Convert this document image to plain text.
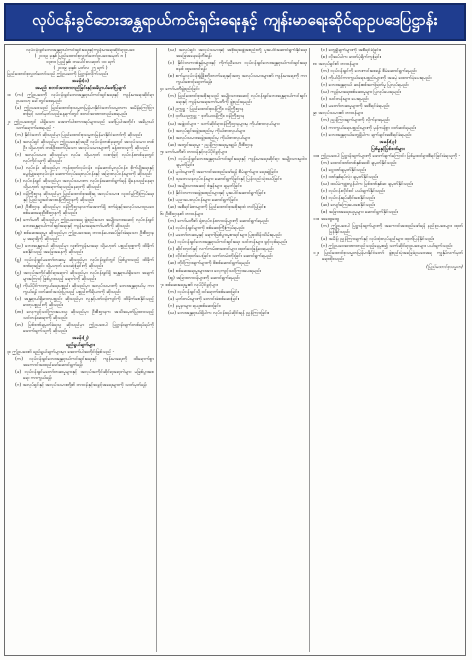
လုပ်ငန်းခွင်ဘေးအန္တရာယ်ကင်းရှင်းရေးနှင့် ကျန်းမာရေးဆိုင်ရာဥပဒေပြဋ္ဌာန်း
လုပ်ငန်းခွင်ဘေးအန္တရာယ်ကင်းရှင်းရေးနှင့်ကျန်းမာရေးဆိုင်ရာဥပဒေ
( ၂၀၁၉ ခုနှစ် ပြည်ထောင်စုလွှတ်တော်ဥပဒေအမှတ် ၈ )
၁၃၈၀ ပြည့်နှစ်၊ တပေါင်းလဆုတ် ၁၀ ရက်
( ၂၀၁၉ ခုနှစ်၊ မတ်လ ၂၅ ရက် )
ပြည်ထောင်စုလွှတ်တော်သည် ဤဥပဒေကို ပြဋ္ဌာန်းလိုက်သည်။
အခန်း(၁)
အမည်၊ စတင်အာဏာတည်ခြင်းနှင့်အဓိပ္ပာယ်ဖော်ပြချက်
၁။ (က) ဤဥပဒေကို လုပ်ငန်းခွင်ဘေးအန္တရာယ်ကင်းရှင်းရေးနှင့် ကျန်းမာရေးဆိုင်ရာ ဥပဒေဟု ခေါ်တွင်စေရမည်။
(ခ) ဤဥပဒေသည် ပြည်ထောင်စုသမ္မတမြန်မာနိုင်ငံတော်သမ္မတက အမိန့်ကြော်ငြာစာဖြင့် သတ်မှတ်သည့်နေ့ရက်တွင် စတင်အာဏာတည်စေရမည်။
၂။ ဤဥပဒေတွင် ပါရှိသော အောက်ပါစကားရပ်များသည် ဖော်ပြပါအတိုင်း အဓိပ္ပာယ်သက်ရောက်စေရမည် -
(က) နိုင်ငံတော် ဆိုသည်မှာ ပြည်ထောင်စုသမ္မတမြန်မာနိုင်ငံတော်ကို ဆိုသည်။
(ခ) အလုပ်ရှင် ဆိုသည်မှာ ဤဥပဒေနှင့်အညီ လုပ်ငန်းတစ်ခုခုတွင် အလုပ်သမား တစ်ဦး သို့မဟုတ် တစ်ဦးထက်ပိုသော အလုပ်သမားများကို ခန့်ထားသူကို ဆိုသည်။
(ဂ) အလုပ်သမား ဆိုသည်မှာ လုပ်ခ သို့မဟုတ် လစာဖြင့် လုပ်ငန်းတစ်ခုခုတွင် လုပ်ကိုင်သူကို ဆိုသည်။
(ဃ) လုပ်ငန်း ဆိုသည်မှာ ကုန်ထုတ်လုပ်ငန်း၊ ဝန်ဆောင်မှုလုပ်ငန်း၊ စိုက်ပျိုးရေးနှင့် မွေးမြူရေးလုပ်ငန်း၊ ဆောက်လုပ်ရေးလုပ်ငန်းနှင့် အခြားလုပ်ငန်းများကို ဆိုသည်။
(င) လုပ်ငန်းခွင် ဆိုသည်မှာ အလုပ်သမားက လုပ်ငန်းဆောင်ရွက်ရန် ရှိနေသည့်နေရာ သို့မဟုတ် သွားရောက်ရသည့်နေရာကို ဆိုသည်။
(စ) ဝန်ကြီးဌာန ဆိုသည်မှာ ပြည်ထောင်စုအစိုးရ အလုပ်သမား၊ လူဝင်မှုကြီးကြပ်ရေးနှင့် ပြည်သူ့အင်အားဝန်ကြီးဌာနကို ဆိုသည်။
(ဆ) ဦးစီးဌာန ဆိုသည်မှာ ဝန်ကြီးဌာနလက်အောက်ရှိ စက်ရုံနှင့်အလုပ်သမားဥပဒေစစ်ဆေးရေးဦးစီးဌာနကို ဆိုသည်။
(ဇ) ကော်မတီ ဆိုသည်မှာ ဤဥပဒေအရ ဖွဲ့စည်းသော အမျိုးသားအဆင့် လုပ်ငန်းခွင်ဘေးအန္တရာယ်ကင်းရှင်းရေးနှင့် ကျန်းမာရေးကော်မတီကို ဆိုသည်။
(ဈ) စစ်ဆေးရေးမှူး ဆိုသည်မှာ ဤဥပဒေအရ တာဝန်ပေးအပ်ခြင်းခံရသော ဦးစီးဌာနမှ အရာရှိကို ဆိုသည်။
(ည) ဘေးအန္တရာယ် ဆိုသည်မှာ လူ၏ကျန်းမာရေး သို့မဟုတ် ပစ္စည်းဥစ္စာကို ထိခိုက်စေနိုင်သည့် အခြေအနေကို ဆိုသည်။
(ဋ) လုပ်ငန်းခွင်မတော်တဆမှု ဆိုသည်မှာ လုပ်ငန်းခွင်တွင် ဖြစ်ပွားသည့် ထိခိုက်ဒဏ်ရာရခြင်း သို့မဟုတ် သေဆုံးခြင်းကို ဆိုသည်။
(ဌ) အလုပ်အကိုင်ဆိုင်ရာရောဂါ ဆိုသည်မှာ လုပ်ငန်းခွင်ရှိ အန္တရာယ်ရှိသော အချက်များကြောင့် ဖြစ်ပွားသည့် ရောဂါကို ဆိုသည်။
(ဍ) ကိုယ်ပိုင်ကာကွယ်ရေးပစ္စည်း ဆိုသည်မှာ အလုပ်သမားကို ဘေးအန္တရာယ်မှ ကာကွယ်ရန် ဝတ်ဆင်အသုံးပြုသည့် ပစ္စည်းကိရိယာကို ဆိုသည်။
(ဎ) အန္တရာယ်ရှိဓာတုပစ္စည်း ဆိုသည်မှာ လူနှင့်ပတ်ဝန်းကျင်ကို ထိခိုက်စေနိုင်သည့် ဓာတုပစ္စည်းကို ဆိုသည်။
(ဏ) လေ့ကျင့်သင်ကြားပေးသူ ဆိုသည်မှာ ဦးစီးဌာနက အသိအမှတ်ပြုထားသည့် သင်တန်းဆရာကို ဆိုသည်။
(တ) ပြစ်ဒဏ်ချမှတ်ခံရသူ ဆိုသည်မှာ ဤဥပဒေပါ ပြဋ္ဌာန်းချက်တစ်ရပ်ရပ်ကို ဖောက်ဖျက်သူကို ဆိုသည်။
အခန်း(၂)
ရည်ရွယ်ချက်များ
၃။ ဤဥပဒေ၏ ရည်ရွယ်ချက်များမှာ အောက်ပါအတိုင်းဖြစ်သည် -
(က) လုပ်ငန်းခွင်ဘေးအန္တရာယ်ကင်းရှင်းရေးနှင့် ကျန်းမာရေးကို ထိရောက်စွာ အကောင်အထည်ဖော်ဆောင်ရွက်ရန်၊
(ခ) လုပ်ငန်းခွင်မတော်တဆမှုများနှင့် အလုပ်အကိုင်ဆိုင်ရာရောဂါများ မဖြစ်ပွားစေရေး ကာကွယ်ရန်၊
(ဂ) အလုပ်ရှင်နှင့် အလုပ်သမားတို့၏ တာဝန်နှင့်အခွင့်အရေးများကို သတ်မှတ်ရန်၊
(ဃ) အလုပ်ရှင်၊ အလုပ်သမားနှင့် အစိုးရအဖွဲ့အစည်းတို့ ပူးပေါင်းဆောင်ရွက်နိုင်ရေး အခြေအနေဖန်တီးရန်၊
(င) နိုင်ငံတကာစံနှုန်းများနှင့် ကိုက်ညီသော လုပ်ငန်းခွင်ဘေးအန္တရာယ်ကင်းရှင်းရေးစနစ် ထူထောင်ရန်၊
(စ) စက်မှုလုပ်ငန်းဖွံ့ဖြိုးတိုးတက်ရေးနှင့်အတူ အလုပ်သမားများ၏ ကျန်းမာရေးကို ကာကွယ်စောင့်ရှောက်ရန်။
၄။ ကော်မတီဖွဲ့စည်းခြင်း
(က) ပြည်ထောင်စုအစိုးရသည် အမျိုးသားအဆင့် လုပ်ငန်းခွင်ဘေးအန္တရာယ်ကင်းရှင်းရေးနှင့် ကျန်းမာရေးကော်မတီကို ဖွဲ့စည်းရမည်။
(ခ) ဥက္ကဋ္ဌ - ပြည်ထောင်စုဝန်ကြီး၊ ဝန်ကြီးဌာန
(ဂ) ဒုတိယဥက္ကဋ္ဌ - ဒုတိယဝန်ကြီး၊ ဝန်ကြီးဌာန
(ဃ) အဖွဲ့ဝင်များ - သက်ဆိုင်ရာဝန်ကြီးဌာနများမှ ကိုယ်စားလှယ်များ
(င) အလုပ်ရှင်အဖွဲ့အစည်းမှ ကိုယ်စားလှယ်များ
(စ) အလုပ်သမားအဖွဲ့အစည်းမှ ကိုယ်စားလှယ်များ
(ဆ) အတွင်းရေးမှူး - ညွှန်ကြားရေးမှူးချုပ်၊ ဦးစီးဌာန
၅။ ကော်မတီ၏ တာဝန်နှင့်လုပ်ပိုင်ခွင့်များ
(က) လုပ်ငန်းခွင်ဘေးအန္တရာယ်ကင်းရှင်းရေးနှင့် ကျန်းမာရေးဆိုင်ရာ အမျိုးသားမူဝါဒ ချမှတ်ခြင်း၊
(ခ) မူဝါဒများကို အကောင်အထည်ဖော်ရန် စီမံချက်များ ရေးဆွဲခြင်း၊
(ဂ) သုတေသနလုပ်ငန်းများ ဆောင်ရွက်ခြင်းနှင့် ပြန်လည်သုံးသပ်ခြင်း၊
(ဃ) အမျိုးသားအဆင့် စံနှုန်းများ ချမှတ်ခြင်း၊
(င) နိုင်ငံတကာအဖွဲ့အစည်းများနှင့် ပူးပေါင်းဆောင်ရွက်ခြင်း၊
(စ) ပညာပေးလုပ်ငန်းများ ဆောင်ရွက်ခြင်း၊
(ဆ) အစီရင်ခံစာများကို ပြည်ထောင်စုအစိုးရထံ တင်ပြခြင်း။
၆။ ဦးစီးဌာန၏ တာဝန်များ
(က) ကော်မတီ၏ ရုံးလုပ်ငန်းတာဝန်များကို ဆောင်ရွက်ရမည်။
(ခ) လုပ်ငန်းခွင်များကို စစ်ဆေးကြီးကြပ်ရမည်။
(ဂ) မတော်တဆမှုနှင့် ရောဂါဖြစ်ပွားမှုစာရင်းများ ပြုစုထိန်းသိမ်းရမည်။
(ဃ) လုပ်ငန်းခွင်ဘေးအန္တရာယ်ကင်းရှင်းရေး သင်တန်းများ ဖွင့်လှစ်ရမည်။
(င) ဆိုင်းဘုတ်နှင့် လက်ကမ်းစာစောင်များ ထုတ်ဝေဖြန့်ဝေရမည်။
(စ) လိုင်စင်ထုတ်ပေးခြင်း၊ သက်တမ်းတိုးခြင်း ဆောင်ရွက်ရမည်။
(ဆ) တိုင်ကြားချက်များကို စိစစ်ဆောင်ရွက်ရမည်။
(ဇ) စစ်ဆေးရေးမှူးများအား လေ့ကျင့်သင်ကြားပေးရမည်။
(ဈ) အခြားတာဝန်များကို ဆောင်ရွက်ရမည်။
၇။ စစ်ဆေးရေးမှူး၏ လုပ်ပိုင်ခွင့်များ
(က) လုပ်ငန်းခွင်သို့ ဝင်ရောက်စစ်ဆေးခြင်း၊
(ခ) မှတ်တမ်းများကို တောင်းခံစစ်ဆေးခြင်း၊
(ဂ) နမူနာများ ရယူစစ်ဆေးခြင်း၊
(ဃ) ဘေးအန္တရာယ်ရှိပါက လုပ်ငန်းရပ်ဆိုင်းရန် ညွှန်ကြားခြင်း။
(င) တွေ့ရှိချက်များကို အစီရင်ခံခြင်း။
(စ) လိုအပ်ပါက ဓာတ်ပုံရိုက်ကူးခြင်း၊
၈။ အလုပ်ရှင်၏ တာဝန်များ
(က) လုပ်ငန်းခွင်ကို ဘေးကင်းစေရန် စီမံဆောင်ရွက်ရမည်။
(ခ) ကိုယ်ပိုင်ကာကွယ်ရေးပစ္စည်းများကို အခမဲ့ ထောက်ပံ့ပေးရမည်။
(ဂ) ဘေးအန္တရာယ် ဆန်းစစ်အကဲဖြတ်မှု ပြုလုပ်ရမည်။
(ဃ) ကျန်းမာရေးစစ်ဆေးမှုများ ပြုလုပ်ပေးရမည်။
(င) သင်တန်းများ ပေးရမည်။
(စ) မတော်တဆမှုများကို အစီရင်ခံရမည်။
၉။ အလုပ်သမား၏ တာဝန်များ
(က) ညွှန်ကြားချက်များကို လိုက်နာရမည်။
(ခ) ကာကွယ်ရေးပစ္စည်းများကို မှန်ကန်စွာ ဝတ်ဆင်ရမည်။
(ဂ) ဘေးအန္တရာယ်တွေ့ရှိပါက ချက်ချင်းအစီရင်ခံရမည်။
အခန်း(၃)
ပြစ်မှုနှင့်ပြစ်ဒဏ်များ
၁၀။ ဤဥပဒေပါ ပြဋ္ဌာန်းချက်များကို ဖောက်ဖျက်ကြောင်း ပြစ်မှုထင်ရှားစီရင်ခြင်းခံရသူကို -
(က) ထောင်ဒဏ်တစ်နှစ်အထိ ချမှတ်နိုင်သည်။
(ခ) ငွေဒဏ်ချမှတ်နိုင်သည်။
(ဂ) ဒဏ်နှစ်ရပ်လုံး ချမှတ်နိုင်သည်။
(ဃ) ထပ်မံကျူးလွန်ပါက ပြစ်ဒဏ်နှစ်ဆ ချမှတ်နိုင်သည်။
(င) လုပ်ငန်းလိုင်စင် ပယ်ဖျက်နိုင်သည်။
(စ) လုပ်ငန်းရပ်ဆိုင်းစေနိုင်သည်။
(ဆ) လျော်ကြေးပေးစေနိုင်သည်။
(ဇ) အခြားအရေးယူမှုများ ဆောင်ရွက်နိုင်သည်။
၁၁။ အထွေထွေ
(က) ဤဥပဒေပါ ပြဋ္ဌာန်းချက်များကို အကောင်အထည်ဖော်ရန် နည်းဥပဒေများ ထုတ်ပြန်နိုင်သည်။
(ခ) အမိန့်၊ ညွှန်ကြားချက်နှင့် လုပ်ထုံးလုပ်နည်းများ ထုတ်ပြန်နိုင်သည်။
(ဂ) ဤဥပဒေအာဏာတည်သည့်နေ့မှစ၍ သက်ဆိုင်ရာဥပဒေများ ပယ်ဖျက်သည်။
၁၂။ ပြည်ထောင်စုသမ္မတမြန်မာနိုင်ငံတော် ဖွဲ့စည်းပုံအခြေခံဥပဒေအရ ကျွန်ုပ်လက်မှတ်ရေးထိုးသည်။
(ပြည်ထောင်စုသမ္မတ)
